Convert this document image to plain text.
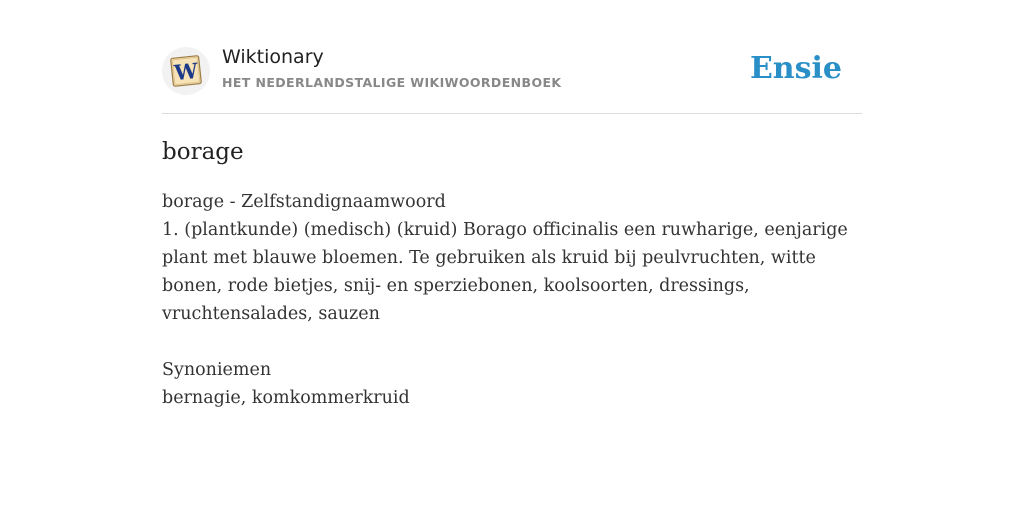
W
Wiktionary
HET NEDERLANDSTALIGE WIKIWOORDENBOEK	Ensie
borage

borage - Zelfstandignaamwoord

1. (plantkunde) (medisch) (kruid) Borago officinalis een ruwharige, eenjarige plant met blauwe bloemen. Te gebruiken als kruid bij peulvruchten, witte bonen, rode bietjes, snij- en sperziebonen, koolsoorten, dressings, vruchtensalades, sauzen

Synoniemen

bernagie, komkommerkruid
